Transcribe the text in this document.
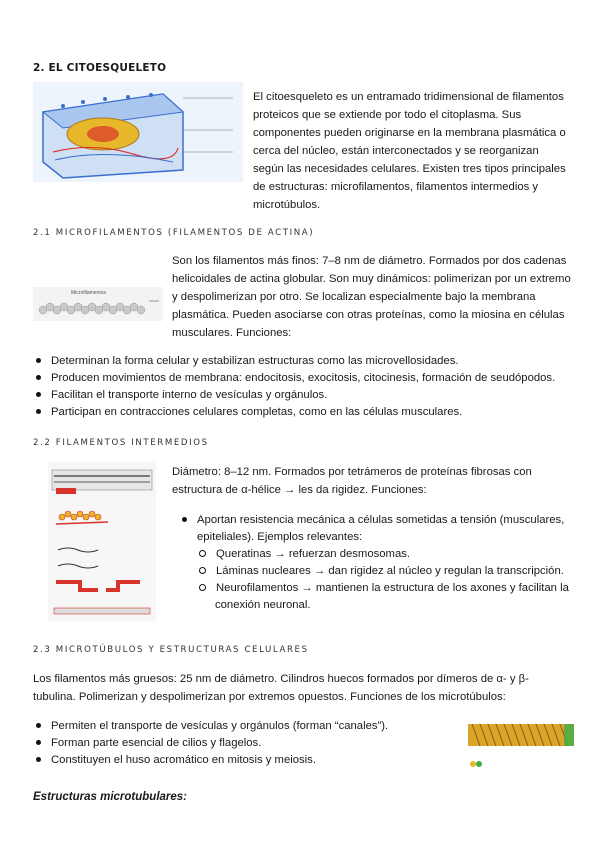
2. EL CITOESQUELETO
El citoesqueleto es un entramado tridimensional de filamentos proteicos que se extiende por todo el citoplasma. Sus componentes pueden originarse en la membrana plasmática o cerca del núcleo, están interconectados y se reorganizan según las necesidades celulares. Existen tres tipos principales de estructuras: microfilamentos, filamentos intermedios y microtúbulos.
2.1 MICROFILAMENTOS (FILAMENTOS DE ACTINA)
Microfilamentos
Son los filamentos más finos: 7–8 nm de diámetro. Formados por dos cadenas helicoidales de actina globular. Son muy dinámicos: polimerizan por un extremo y despolimerizan por otro. Se localizan especialmente bajo la membrana plasmática. Pueden asociarse con otras proteínas, como la miosina en células musculares. Funciones:
Determinan la forma celular y estabilizan estructuras como las microvellosidades.
Producen movimientos de membrana: endocitosis, exocitosis, citocinesis, formación de seudópodos.
Facilitan el transporte interno de vesículas y orgánulos.
Participan en contracciones celulares completas, como en las células musculares.
2.2 FILAMENTOS INTERMEDIOS
Diámetro: 8–12 nm. Formados por tetrámeros de proteínas fibrosas con estructura de α-hélice → les da rigidez. Funciones:
Aportan resistencia mecánica a células sometidas a tensión (musculares, epiteliales). Ejemplos relevantes:
Queratinas → refuerzan desmosomas.
Láminas nucleares → dan rigidez al núcleo y regulan la transcripción.
Neurofilamentos → mantienen la estructura de los axones y facilitan la conexión neuronal.
2.3 MICROTÚBULOS Y ESTRUCTURAS CELULARES
Los filamentos más gruesos: 25 nm de diámetro. Cilindros huecos formados por dímeros de α- y β-tubulina. Polimerizan y despolimerizan por extremos opuestos. Funciones de los microtúbulos:
Permiten el transporte de vesículas y orgánulos (forman “canales”).
Forman parte esencial de cilios y flagelos.
Constituyen el huso acromático en mitosis y meiosis.
Estructuras microtubulares:
